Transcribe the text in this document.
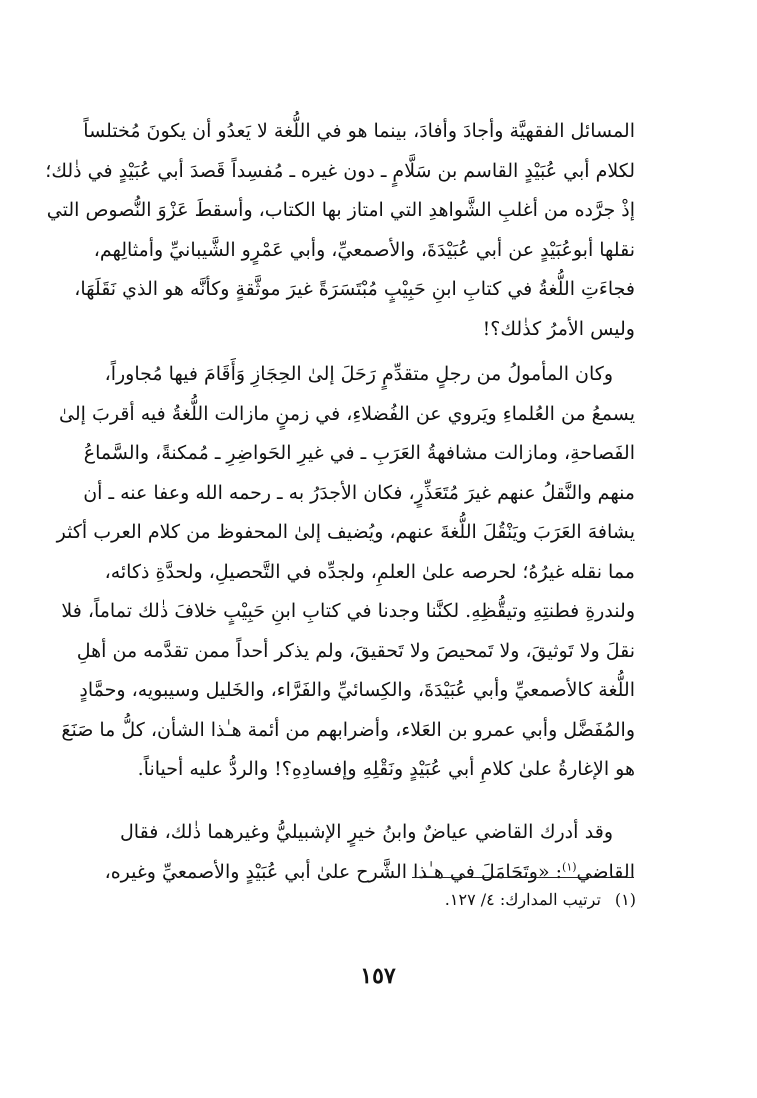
المسائل الفقهيَّة وأجادَ وأفادَ، بينما هو في اللُّغة لا يَعدُو أن يكونَ مُختلساً
لكلام أبي عُبَيْدٍ القاسم بن سَلَّامٍ ـ دون غيره ـ مُفسِداً قَصدَ أبي عُبَيْدٍ في ذٰلك؛
إذْ جرَّده من أغلبِ الشَّواهدِ التي امتاز بها الكتاب، وأسقطَ عَزْوَ النُّصوص التي
نقلها أبوعُبَيْدٍ عن أبي عُبَيْدَةَ، والأصمعيِّ، وأبي عَمْرٍو الشَّيبانيِّ وأمثالِهم،
فجاءَتِ اللُّغةُ في كتابِ ابنِ حَبِيْبٍ مُبْتَسَرَةً غيرَ موثَّقةٍ وكأنَّه هو الذي نَقَلَهَا،
وليس الأمرُ كذٰلك؟!
وكان المأمولُ من رجلٍ متقدِّمٍ رَحَلَ إلىٰ الحِجَازِ وَأَقَامَ فيها مُجاوراً،
يسمعُ من العُلماءِ ويَروي عن الفُضلاءِ، في زمنٍ مازالت اللُّغةُ فيه أقربَ إلىٰ
الفَصاحةِ، ومازالت مشافهةُ العَرَبِ ـ في غيرِ الحَواضِرِ ـ مُمكنةً، والسَّماعُ
منهم والنَّقلُ عنهم غيرَ مُتَعَذِّرٍ، فكان الأجدَرُ به ـ رحمه الله وعفا عنه ـ أن
يشافهَ العَرَبَ ويَنْقُلَ اللُّغةَ عنهم، ويُضيف إلىٰ المحفوظ من كلام العرب أكثر
مما نقله غيرُهُ؛ لحرصه علىٰ العلمِ، ولجدِّه في التَّحصيلِ، ولحدَّةِ ذكائه،
ولندرةِ فطنتِهِ وتيقُّظِهِ. لكنَّنا وجدنا في كتابِ ابنِ حَبِيْبٍ خلافَ ذٰلك تماماً، فلا
نقلَ ولا تَوثيقَ، ولا تَمحيصَ ولا تَحقيقَ، ولم يذكر أحداً ممن تقدَّمه من أهلِ
اللُّغة كالأصمعيِّ وأبي عُبَيْدَةَ، والكِسائيِّ والفَرَّاء، والخَليل وسيبويه، وحمَّادٍ
والمُفَضَّل وأبي عمرو بن العَلاء، وأضرابهم من أئمة هـٰذا الشأن، كلُّ ما صَنَعَ
هو الإغارةُ علىٰ كلامِ أبي عُبَيْدٍ ونَقْلِهِ وإفسادِهِ؟! والردُّ عليه أحياناً.
وقد أدرك القاضي عياضٌ وابنُ خيرٍ الإشبيليُّ وغيرهما ذٰلك، فقال
القاضي$^{(١)}$: «وتَحَامَلَ في هـٰذا الشَّرح علىٰ أبي عُبَيْدٍ والأصمعيِّ وغيره،
(١)ترتيب المدارك: ٤/ ١٢٧.
١٥٧
